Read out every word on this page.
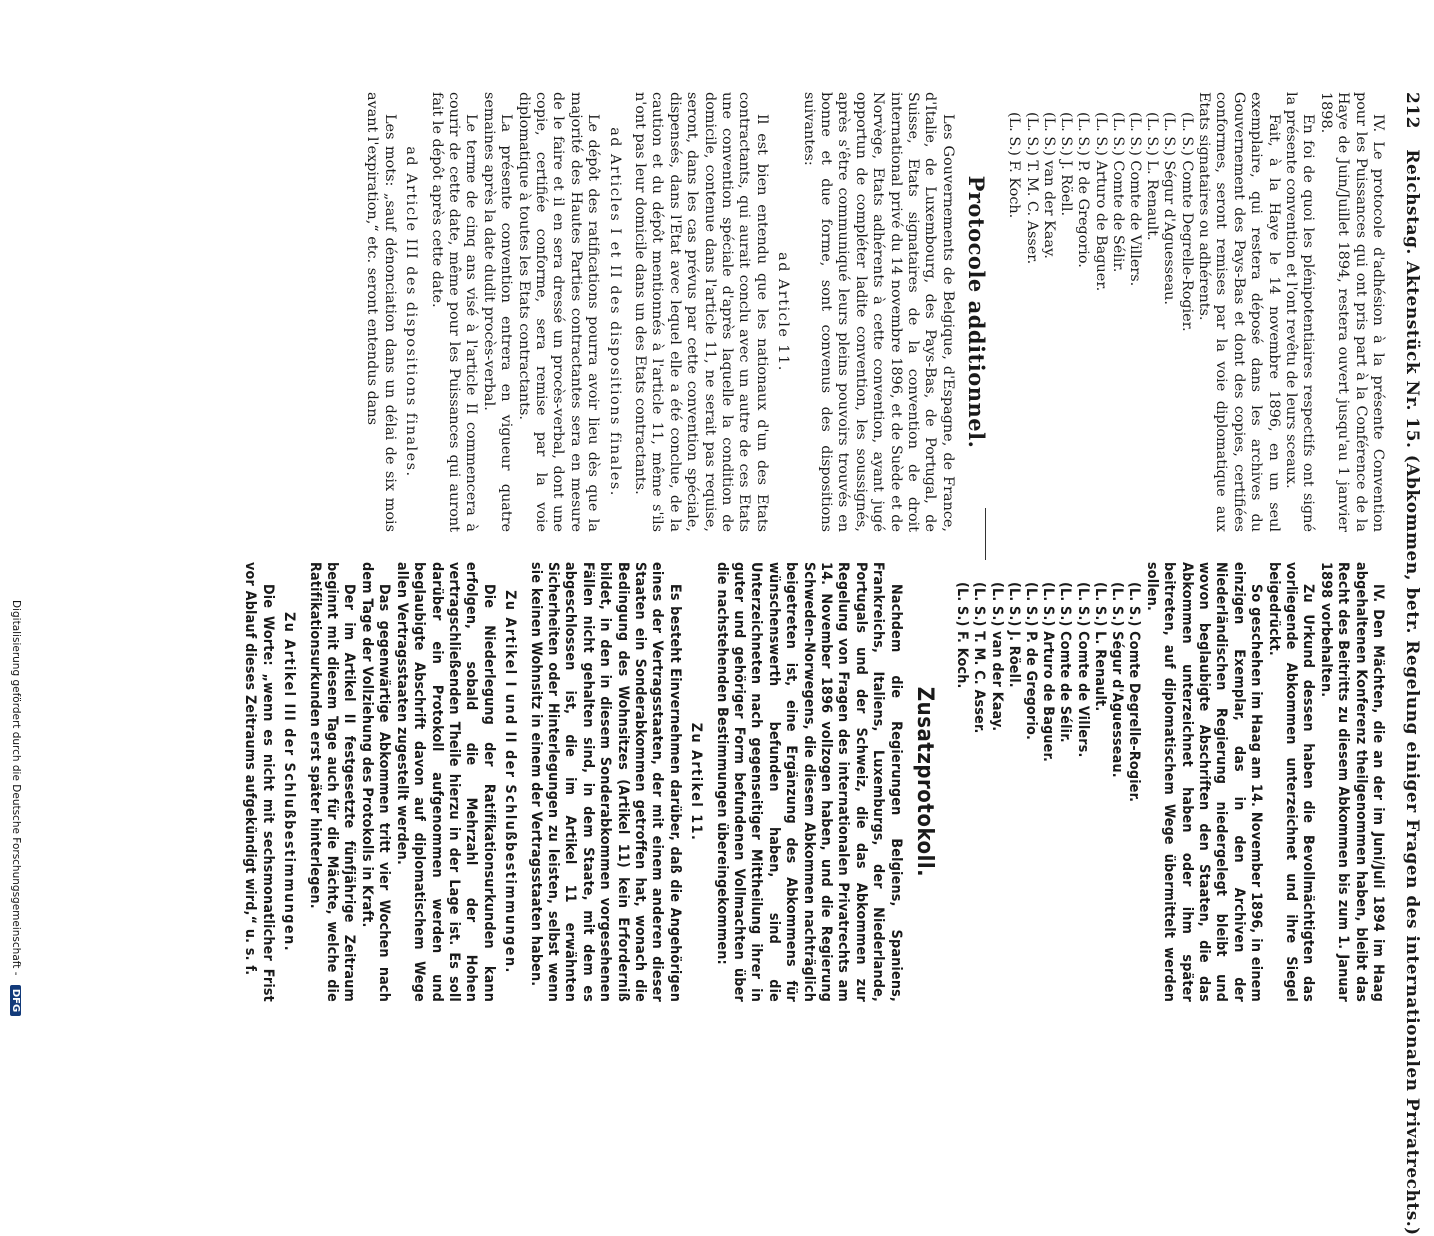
212 Reichstag. Aktenstück Nr. 15. (Abkommen, betr. Regelung einiger Fragen des internationalen Privatrechts.)

IV. Le protocole d'adhésion à la présente Convention pour les Puissances qui ont pris part à la Conférence de la Haye de Juin/Juillet 1894, restera ouvert jusqu'au 1 janvier 1898.

En foi de quoi les plénipotentiaires respectifs ont signé la présente convention et l'ont revêtu de leurs sceaux.

Fait, à la Haye le 14 novembre 1896, en un seul exemplaire, qui restera déposé dans les archives du Gouvernement des Pays-Bas et dont des copies, certifiées conformes, seront remises par la voie diplomatique aux Etats signataires ou adhérents.

(L. S.) Comte Degrelle-Rogier.
(L. S.) Ségur d'Aguesseau.
(L. S.) L. Renault.
(L. S.) Comte de Villers.
(L. S.) Comte de Sélir.
(L. S.) Arturo de Baguer.
(L. S.) P. de Gregorio.
(L. S.) J. Röell.
(L. S.) van der Kaay.
(L. S.) T. M. C. Asser.
(L. S.) F. Koch.
Protocole additionnel.

Les Gouvernements de Belgique, d'Espagne, de France, d'Italie, de Luxembourg, des Pays-Bas, de Portugal, de Suisse, Etats signataires de la convention de droit international privé du 14 novembre 1896, et de Suède et de Norvège, Etats adhérents à cette convention, ayant jugé opportun de compléter ladite convention, les soussignés, après s'être communiqué leurs pleins pouvoirs trouvés en bonne et due forme, sont convenus des dispositions suivantes:

ad Article 11.

Il est bien entendu que les nationaux d'un des Etats contractants, qui aurait conclu avec un autre de ces Etats une convention spéciale d'après laquelle la condition de domicile, contenue dans l'article 11, ne serait pas requise, seront, dans les cas prévus par cette convention spéciale, dispensés, dans l'Etat avec lequel elle a été conclue, de la caution et du dépôt mentionnés à l'article 11, même s'ils n'ont pas leur domicile dans un des Etats contractants.

ad Articles I et II des dispositions finales.

Le dépôt des ratifications pourra avoir lieu dès que la majorité des Hautes Parties contractantes sera en mesure de le faire et il en sera dressé un procès-verbal, dont une copie, certifiée conforme, sera remise par la voie diplomatique à toutes les Etats contractants.

La présente convention entrera en vigueur quatre semaines après la date dudit procès-verbal.

Le terme de cinq ans visé à l'article II commencera à courir de cette date, même pour les Puissances qui auront fait le dépôt après cette date.

ad Article III des dispositions finales.

Les mots: „sauf dénonciation dans un délai de six mois avant l'expiration,“ etc. seront entendus dans

IV. Den Mächten, die an der im Juni/Juli 1894 im Haag abgehaltenen Konferenz theilgenommen haben, bleibt das Recht des Beitritts zu diesem Abkommen bis zum 1. Januar 1898 vorbehalten.

Zu Urkund dessen haben die Bevollmächtigten das vorliegende Abkommen unterzeichnet und ihre Siegel beigedrückt.

So geschehen im Haag am 14. November 1896, in einem einzigen Exemplar, das in den Archiven der Niederländischen Regierung niedergelegt bleibt und wovon beglaubigte Abschriften den Staaten, die das Abkommen unterzeichnet haben oder ihm später beitreten, auf diplomatischem Wege übermittelt werden sollen.

(L. S.) Comte Degrelle-Rogier.
(L. S.) Ségur d'Aguesseau.
(L. S.) L. Renault.
(L. S.) Comte de Villers.
(L. S.) Comte de Sélir.
(L. S.) Arturo de Baguer.
(L. S.) P. de Gregorio.
(L. S.) J. Röell.
(L. S.) van der Kaay.
(L. S.) T. M. C. Asser.
(L. S.) F. Koch.
Zusatzprotokoll.

Nachdem die Regierungen Belgiens, Spaniens, Frankreichs, Italiens, Luxemburgs, der Niederlande, Portugals und der Schweiz, die das Abkommen zur Regelung von Fragen des internationalen Privatrechts am 14. November 1896 vollzogen haben, und die Regierung Schweden-Norwegens, die diesem Abkommen nachträglich beigetreten ist, eine Ergänzung des Abkommens für wünschenswerth befunden haben, sind die Unterzeichneten nach gegenseitiger Mittheilung ihrer in guter und gehöriger Form befundenen Vollmachten über die nachstehenden Bestimmungen übereingekommen:

Zu Artikel 11.

Es besteht Einvernehmen darüber, daß die Angehörigen eines der Vertragsstaaten, der mit einem anderen dieser Staaten ein Sonderabkommen getroffen hat, wonach die Bedingung des Wohnsitzes (Artikel 11) kein Erforderniß bildet, in den in diesem Sonderabkommen vorgesehenen Fällen nicht gehalten sind, in dem Staate, mit dem es abgeschlossen ist, die im Artikel 11 erwähnten Sicherheiten oder Hinterlegungen zu leisten, selbst wenn sie keinen Wohnsitz in einem der Vertragsstaaten haben.

Zu Artikel I und II der Schlußbestimmungen.

Die Niederlegung der Ratifikationsurkunden kann erfolgen, sobald die Mehrzahl der Hohen vertragschließenden Theile hierzu in der Lage ist. Es soll darüber ein Protokoll aufgenommen werden und beglaubigte Abschrift davon auf diplomatischem Wege allen Vertragsstaaten zugestellt werden.

Das gegenwärtige Abkommen tritt vier Wochen nach dem Tage der Vollziehung des Protokolls in Kraft.

Der im Artikel II festgesetzte fünfjährige Zeitraum beginnt mit diesem Tage auch für die Mächte, welche die Ratifikationsurkunden erst später hinterlegen.

Zu Artikel III der Schlußbestimmungen.

Die Worte: „wenn es nicht mit sechsmonatlicher Frist vor Ablauf dieses Zeitraums aufgekündigt wird,“ u. s. f.

Digitalisierung gefördert durch die Deutsche Forschungsgemeinschaft - DFG
